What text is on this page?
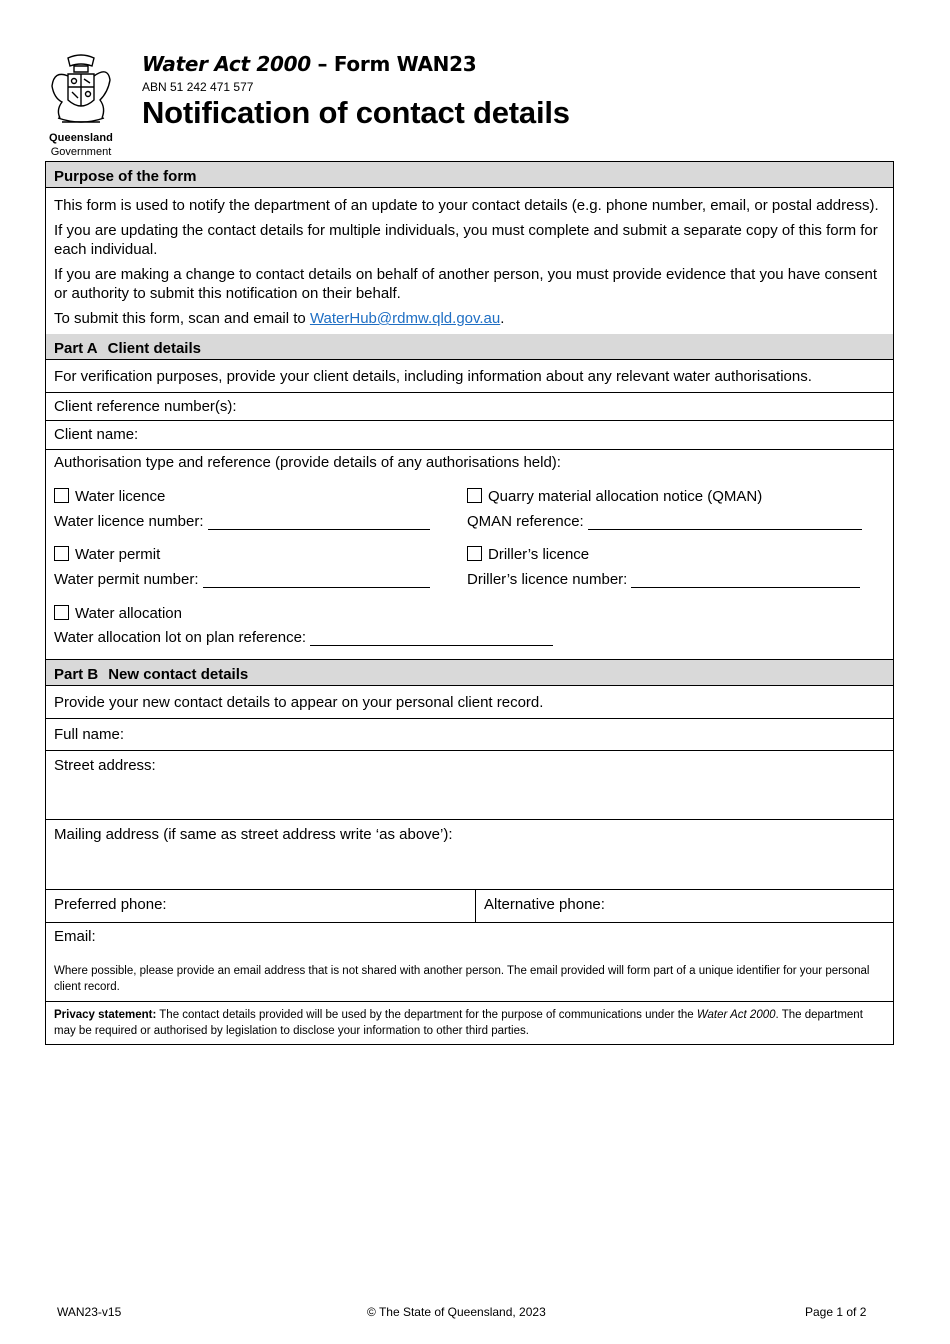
Queensland
Government
Water Act 2000 – Form WAN23
ABN 51 242 471 577
Notification of contact details
Purpose of the form

This form is used to notify the department of an update to your contact details (e.g. phone number, email, or postal address).

If you are updating the contact details for multiple individuals, you must complete and submit a separate copy of this form for each individual.

If you are making a change to contact details on behalf of another person, you must provide evidence that you have consent or authority to submit this notification on their behalf.

To submit this form, scan and email to WaterHub@rdmw.qld.gov.au.

Part A Client details
For verification purposes, provide your client details, including information about any relevant water authorisations.
Client reference number(s):
Client name:
Authorisation type and reference (provide details of any authorisations held):
Water licence
Water licence number:
Quarry material allocation notice (QMAN)
QMAN reference:
Water permit
Water permit number:
Driller’s licence
Driller’s licence number:
Water allocation
Water allocation lot on plan reference:
Part B New contact details
Provide your new contact details to appear on your personal client record.
Full name:
Street address:
Mailing address (if same as street address write ‘as above’):
Preferred phone:	Alternative phone:
Email:
Where possible, please provide an email address that is not shared with another person. The email provided will form part of a unique identifier for your personal client record.
Privacy statement: The contact details provided will be used by the department for the purpose of communications under the Water Act 2000. The department may be required or authorised by legislation to disclose your information to other third parties.
WAN23-v15	© The State of Queensland, 2023	Page 1 of 2
